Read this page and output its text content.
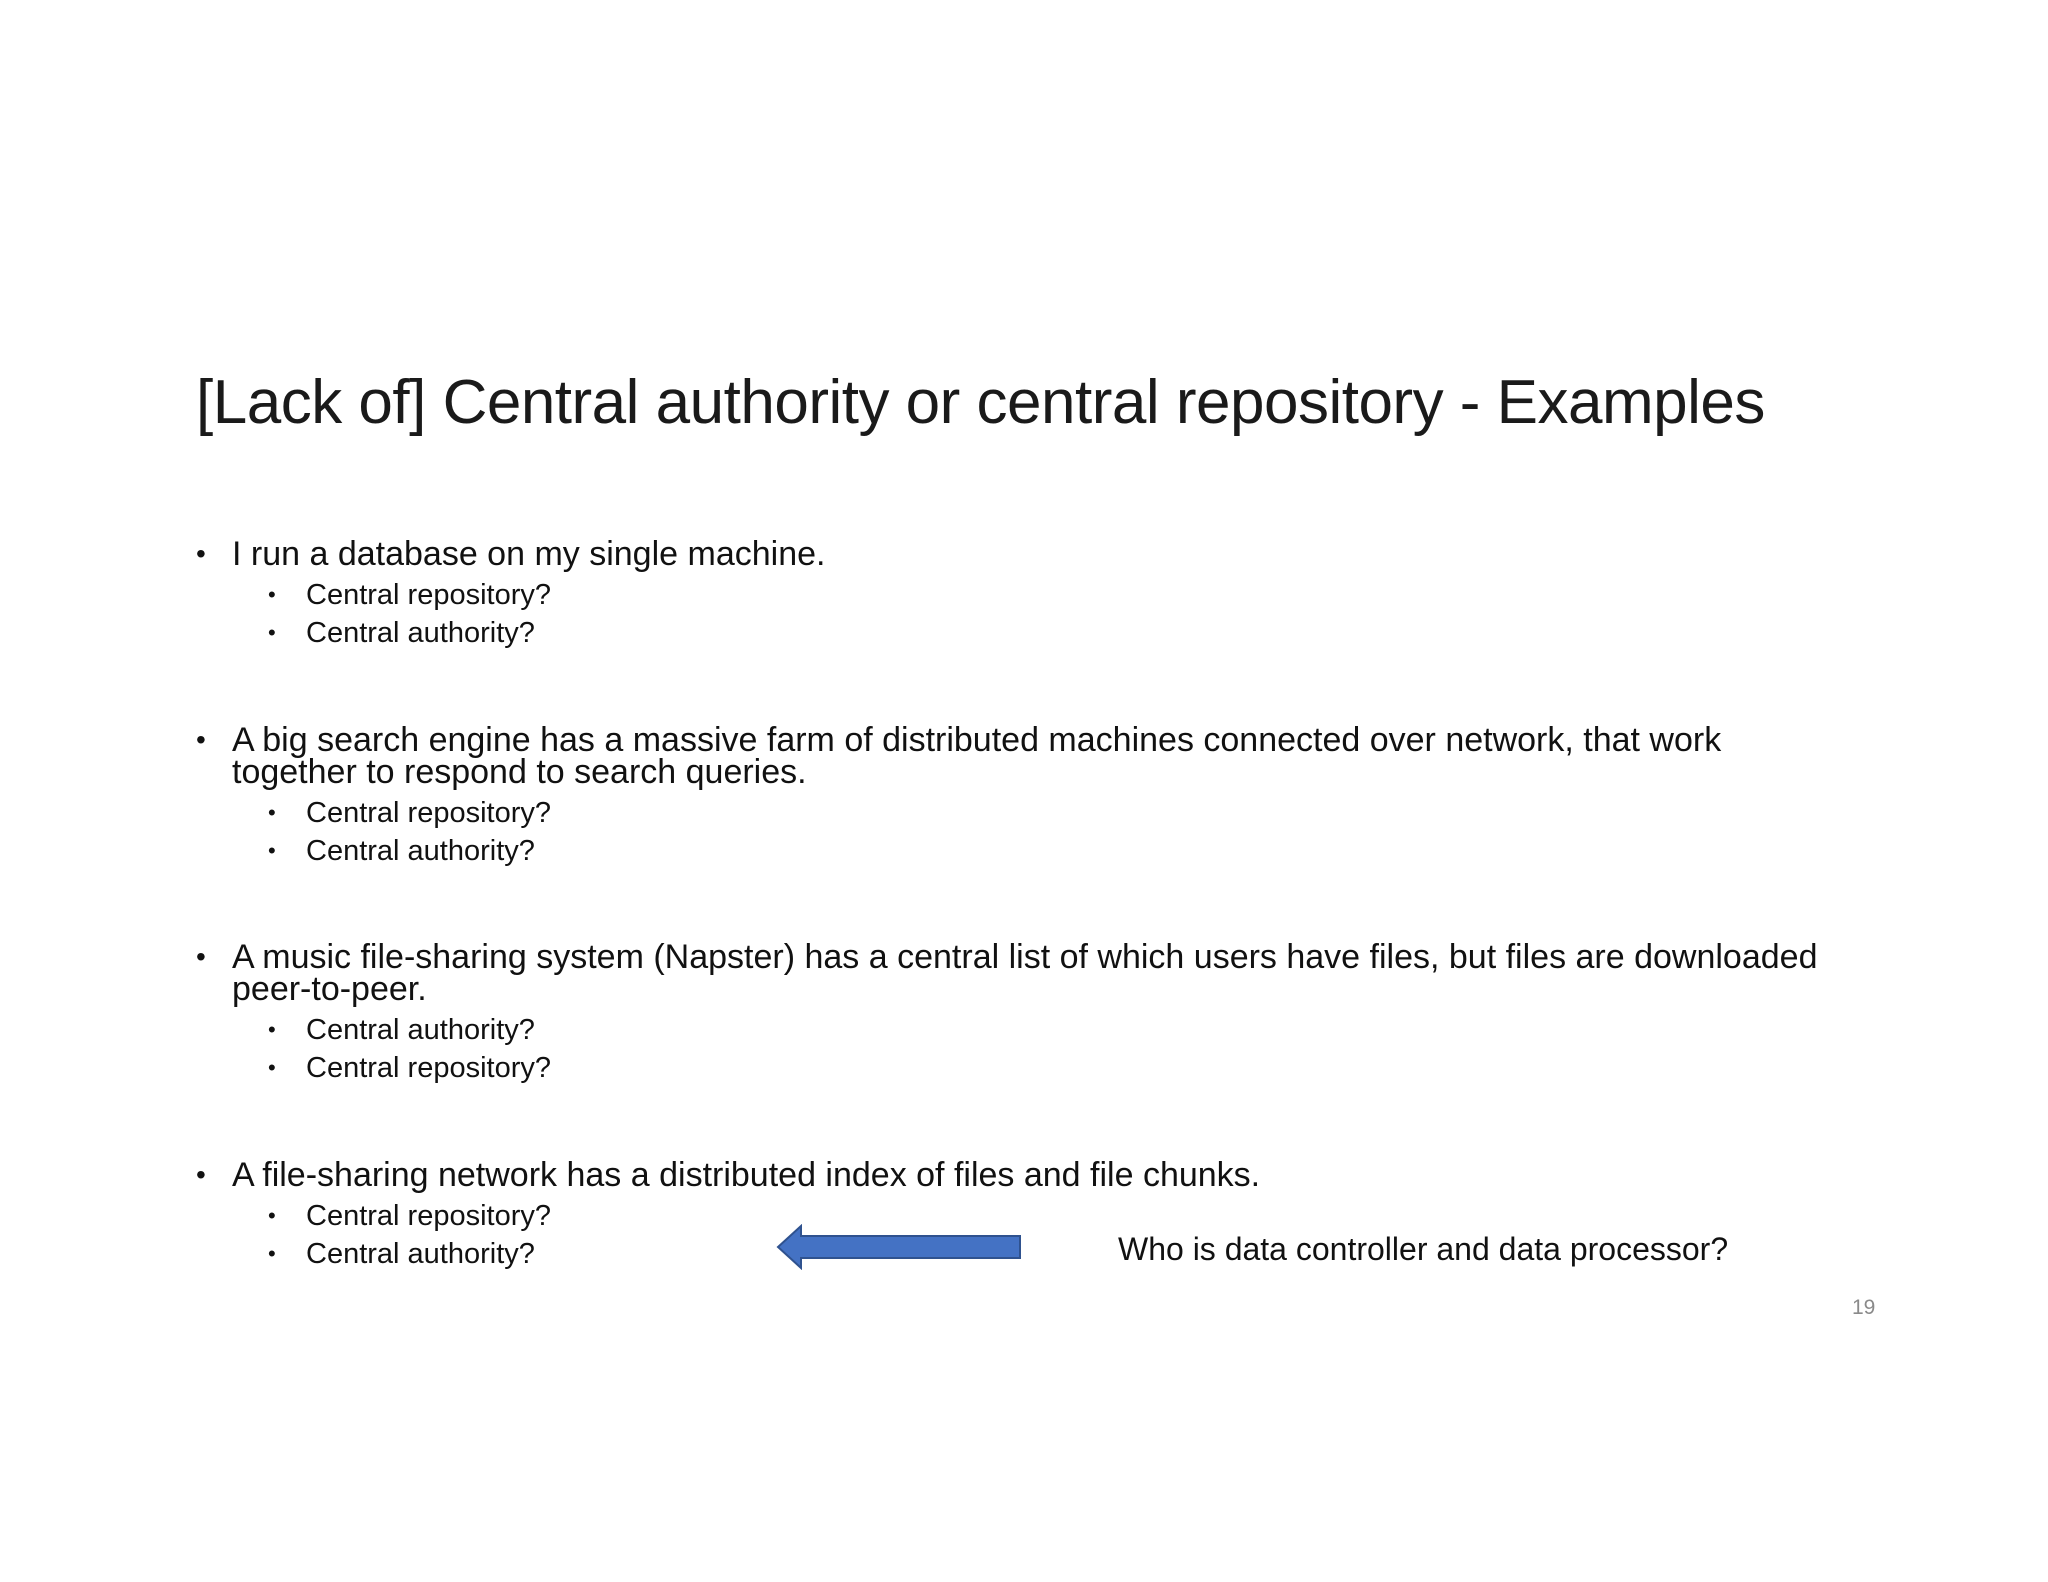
[Lack of] Central authority or central repository - Examples
• I run a database on my single machine.
• Central repository?
• Central authority?
• A big search engine has a massive farm of distributed machines connected over network, that work together to respond to search queries.
• Central repository?
• Central authority?
• A music file-sharing system (Napster) has a central list of which users have files, but files are downloaded peer-to-peer.
• Central authority?
• Central repository?
• A file-sharing network has a distributed index of files and file chunks.
• Central repository?
• Central authority?	Who is data controller and data processor?
19
